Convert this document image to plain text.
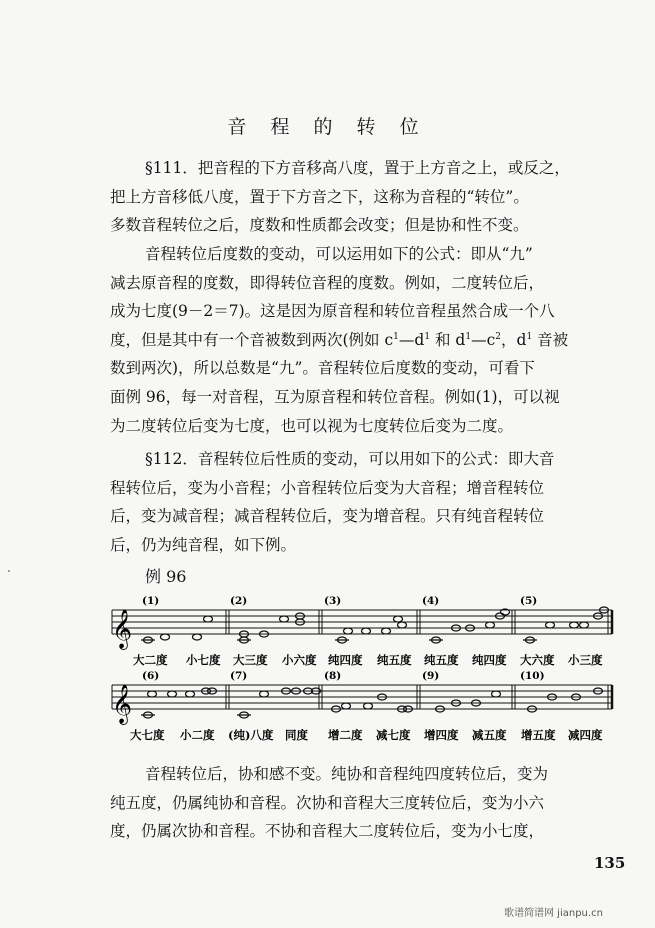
音 程 的 转 位
§111．把音程的下方音移高八度，置于上方音之上，或反之，
把上方音移低八度，置于下方音之下，这称为音程的“转位”。
多数音程转位之后，度数和性质都会改变；但是协和性不变。
音程转位后度数的变动，可以运用如下的公式：即从“九”
减去原音程的度数，即得转位音程的度数。例如，二度转位后，
成为七度(9－2＝7)。这是因为原音程和转位音程虽然合成一个八
度，但是其中有一个音被数到两次(例如 $c^1—d^1$ 和 $d^1—c^2$，$d^1$ 音被
数到两次)，所以总数是“九”。音程转位后度数的变动，可看下
面例 96，每一对音程，互为原音程和转位音程。例如(1)，可以视
为二度转位后变为七度，也可以视为七度转位后变为二度。
§112．音程转位后性质的变动，可以用如下的公式：即大音
程转位后，变为小音程；小音程转位后变为大音程；增音程转位
后，变为减音程；减音程转位后，变为增音程。只有纯音程转位
后，仍为纯音程，如下例。
例 96
𝄞
(1)	(2)	(3)	(4)	(5)
大二度 小七度 大三度 小六度 纯四度 纯五度 纯五度 纯四度 大六度 小三度
𝄞
(6)	(7)	(8)	(9)	(10)
大七度 小二度 (纯)八度 同度 增二度 减七度 增四度 减五度 增五度 减四度
音程转位后，协和感不变。纯协和音程纯四度转位后，变为
纯五度，仍属纯协和音程。次协和音程大三度转位后，变为小六
度，仍属次协和音程。不协和音程大二度转位后，变为小七度，
135
歌谱简谱网 jianpu.cn
